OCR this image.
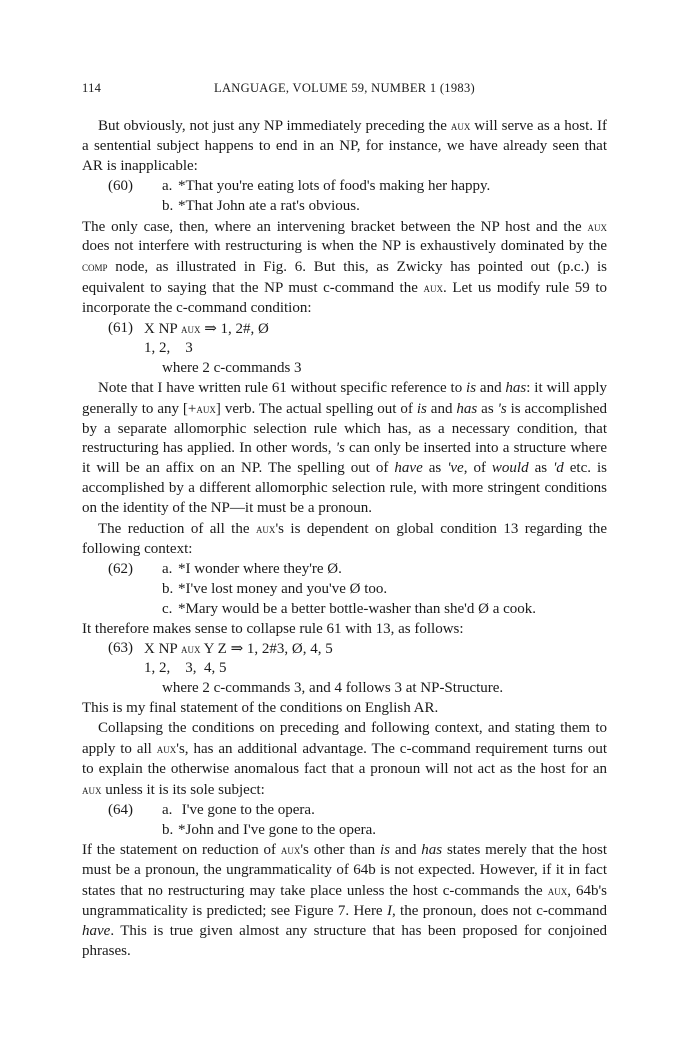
114	LANGUAGE, VOLUME 59, NUMBER 1 (1983)

But obviously, not just any NP immediately preceding the aux will serve as a host. If a sentential subject happens to end in an NP, for instance, we have already seen that AR is inapplicable:

(60) a. *That you're eating lots of food's making her happy.
b. *That John ate a rat's obvious.

The only case, then, where an intervening bracket between the NP host and the aux does not interfere with restructuring is when the NP is exhaustively dominated by the comp node, as illustrated in Fig. 6. But this, as Zwicky has pointed out (p.c.) is equivalent to saying that the NP must c-command the aux. Let us modify rule 59 to incorporate the c-command condition:

(61) X NP aux ⇒ 1, 2#, Ø
1, 2,    3
where 2 c-commands 3

Note that I have written rule 61 without specific reference to is and has: it will apply generally to any [+aux] verb. The actual spelling out of is and has as 's is accomplished by a separate allomorphic selection rule which has, as a necessary condition, that restructuring has applied. In other words, 's can only be inserted into a structure where it will be an affix on an NP. The spelling out of have as 've, of would as 'd etc. is accomplished by a different allomorphic selection rule, with more stringent conditions on the identity of the NP—it must be a pronoun.

The reduction of all the aux's is dependent on global condition 13 regarding the following context:

(62) a. *I wonder where they're Ø.
b. *I've lost money and you've Ø too.
c. *Mary would be a better bottle-washer than she'd Ø a cook.

It therefore makes sense to collapse rule 61 with 13, as follows:

(63) X NP aux Y Z ⇒ 1, 2#3, Ø, 4, 5
1, 2,    3,  4, 5
where 2 c-commands 3, and 4 follows 3 at NP-Structure.

This is my final statement of the conditions on English AR.

Collapsing the conditions on preceding and following context, and stating them to apply to all aux's, has an additional advantage. The c-command requirement turns out to explain the otherwise anomalous fact that a pronoun will not act as the host for an aux unless it is its sole subject:

(64) a. I've gone to the opera.
b. *John and I've gone to the opera.

If the statement on reduction of aux's other than is and has states merely that the host must be a pronoun, the ungrammaticality of 64b is not expected. However, if it in fact states that no restructuring may take place unless the host c-commands the aux, 64b's ungrammaticality is predicted; see Figure 7. Here I, the pronoun, does not c-command have. This is true given almost any structure that has been proposed for conjoined phrases.
